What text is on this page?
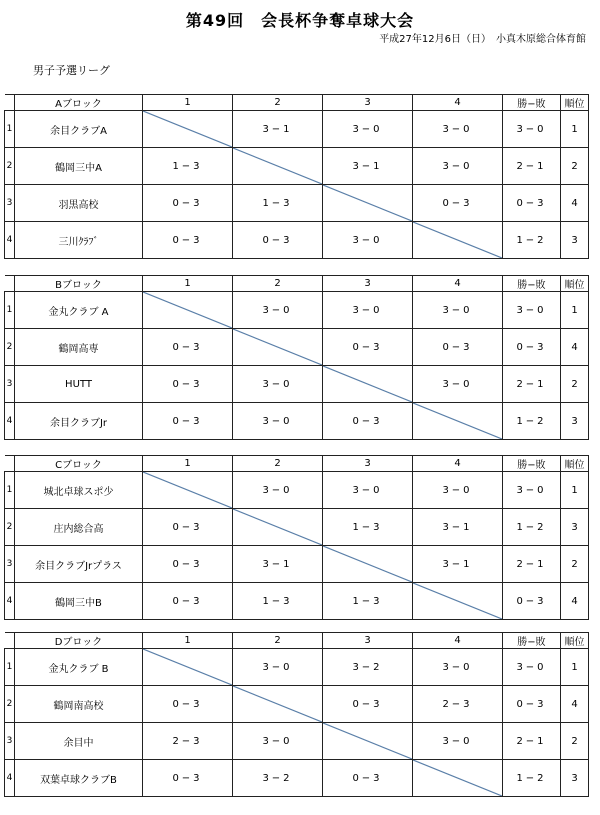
第49回　会長杯争奪卓球大会
平成27年12月6日（日）　小真木原総合体育館
男子予選リーグ
	Aブロック	1	2	3	4	勝−敗	順位
1	余目クラブA		3−1	3−0	3−0	3−0	1
2	鶴岡三中A	1−3		3−1	3−0	2−1	2
3	羽黒高校	0−3	1−3		0−3	0−3	4
4	三川ｸﾗﾌﾞ	0−3	0−3	3−0		1−2	3
	Bブロック	1	2	3	4	勝−敗	順位
1	金丸クラブ A		3−0	3−0	3−0	3−0	1
2	鶴岡高専	0−3		0−3	0−3	0−3	4
3	HUTT	0−3	3−0		3−0	2−1	2
4	余目クラブJr	0−3	3−0	0−3		1−2	3
	Cブロック	1	2	3	4	勝−敗	順位
1	城北卓球スポ少		3−0	3−0	3−0	3−0	1
2	庄内総合高	0−3		1−3	3−1	1−2	3
3	余目クラブJrプラス	0−3	3−1		3−1	2−1	2
4	鶴岡三中B	0−3	1−3	1−3		0−3	4
	Dブロック	1	2	3	4	勝−敗	順位
1	金丸クラブ B		3−0	3−2	3−0	3−0	1
2	鶴岡南高校	0−3		0−3	2−3	0−3	4
3	余目中	2−3	3−0		3−0	2−1	2
4	双葉卓球クラブB	0−3	3−2	0−3		1−2	3
